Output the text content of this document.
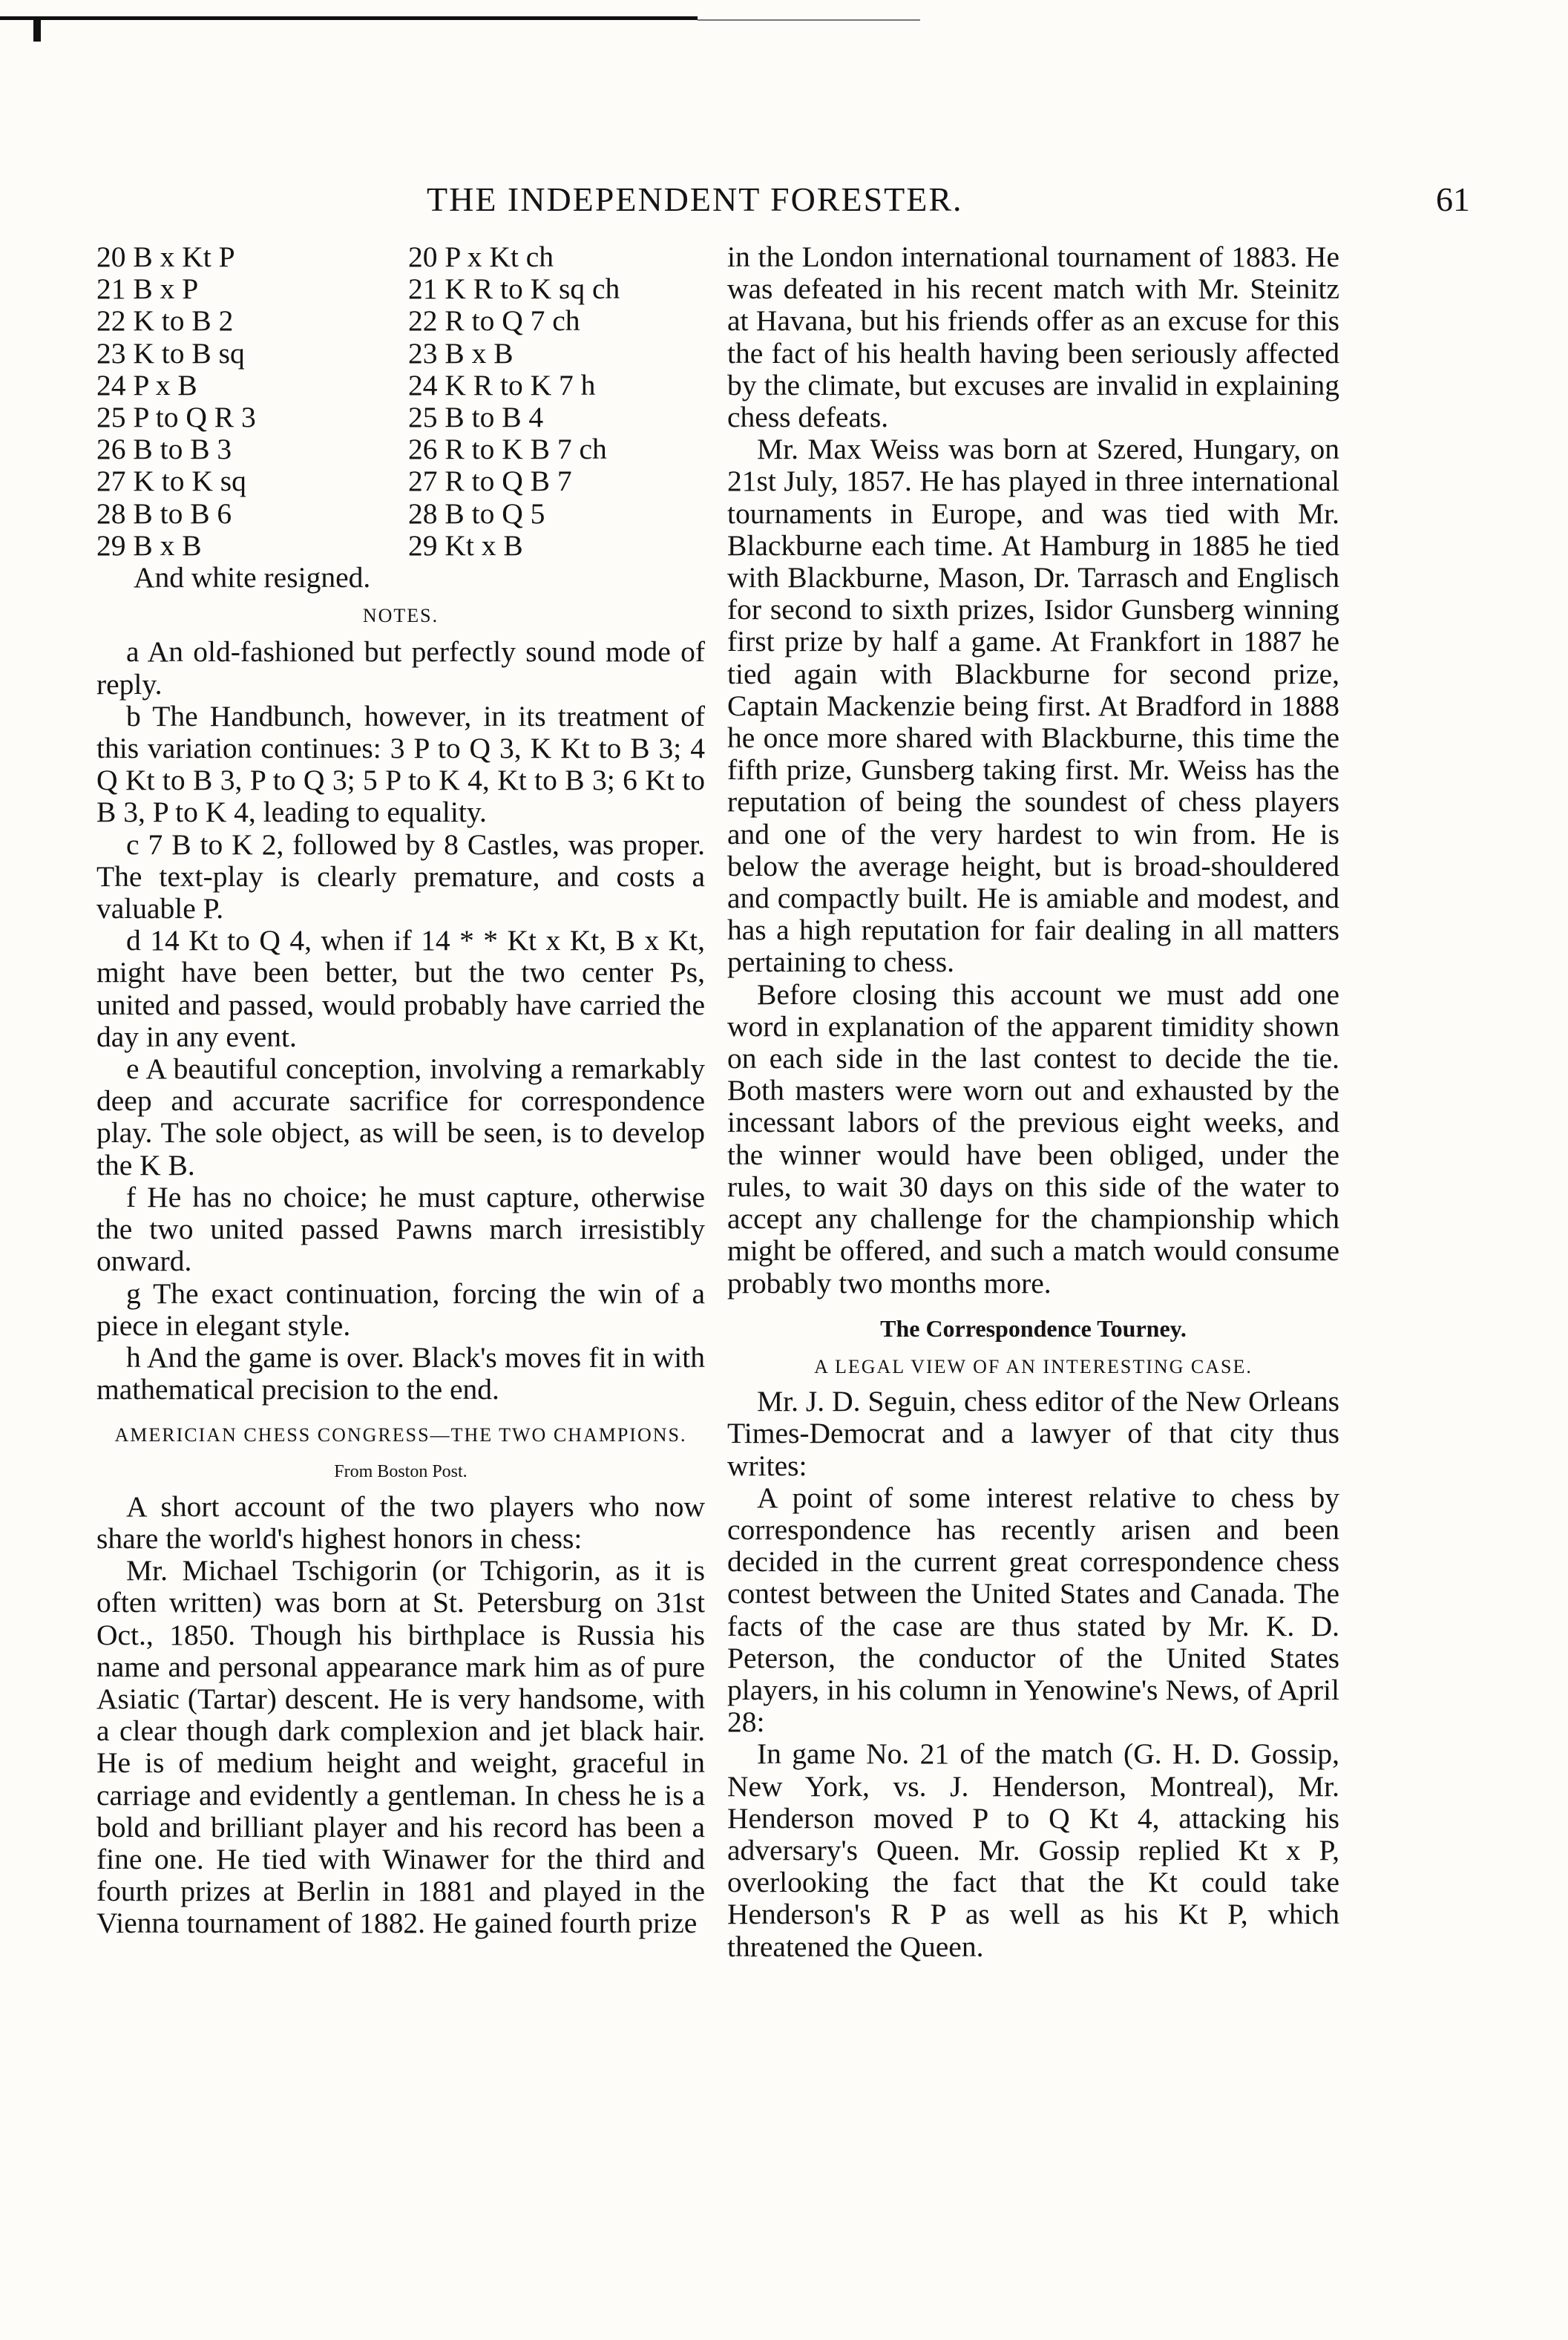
THE INDEPENDENT FORESTER.	61
20 B x Kt P	20 P x Kt ch
21 B x P	21 K R to K sq ch
22 K to B 2	22 R to Q 7 ch
23 K to B sq	23 B x B
24 P x B	24 K R to K 7 h
25 P to Q R 3	25 B to B 4
26 B to B 3	26 R to K B 7 ch
27 K to K sq	27 R to Q B 7
28 B to B 6	28 B to Q 5
29 B x B	29 Kt x B

And white resigned.

NOTES.

a An old-fashioned but perfectly sound mode of reply.

b The Handbunch, however, in its treatment of this variation continues: 3 P to Q 3, K Kt to B 3; 4 Q Kt to B 3, P to Q 3; 5 P to K 4, Kt to B 3; 6 Kt to B 3, P to K 4, leading to equality.

c 7 B to K 2, followed by 8 Castles, was proper. The text-play is clearly premature, and costs a valuable P.

d 14 Kt to Q 4, when if 14 * * Kt x Kt, B x Kt, might have been better, but the two center Ps, united and passed, would probably have carried the day in any event.

e A beautiful conception, involving a remarkably deep and accurate sacrifice for correspondence play. The sole object, as will be seen, is to develop the K B.

f He has no choice; he must capture, otherwise the two united passed Pawns march irresistibly onward.

g The exact continuation, forcing the win of a piece in elegant style.

h And the game is over. Black's moves fit in with mathematical precision to the end.

AMERICIAN CHESS CONGRESS—THE TWO CHAMPIONS.

From Boston Post.

A short account of the two players who now share the world's highest honors in chess:

Mr. Michael Tschigorin (or Tchigorin, as it is often written) was born at St. Petersburg on 31st Oct., 1850. Though his birthplace is Russia his name and personal appearance mark him as of pure Asiatic (Tartar) descent. He is very handsome, with a clear though dark complexion and jet black hair. He is of medium height and weight, graceful in carriage and evidently a gentleman. In chess he is a bold and brilliant player and his record has been a fine one. He tied with Winawer for the third and fourth prizes at Berlin in 1881 and played in the Vienna tournament of 1882. He gained fourth prize

in the London international tournament of 1883. He was defeated in his recent match with Mr. Steinitz at Havana, but his friends offer as an excuse for this the fact of his health having been seriously affected by the climate, but excuses are invalid in explaining chess defeats.

Mr. Max Weiss was born at Szered, Hungary, on 21st July, 1857. He has played in three international tournaments in Europe, and was tied with Mr. Blackburne each time. At Hamburg in 1885 he tied with Blackburne, Mason, Dr. Tarrasch and Englisch for second to sixth prizes, Isidor Gunsberg winning first prize by half a game. At Frankfort in 1887 he tied again with Blackburne for second prize, Captain Mackenzie being first. At Bradford in 1888 he once more shared with Blackburne, this time the fifth prize, Gunsberg taking first. Mr. Weiss has the reputation of being the soundest of chess players and one of the very hardest to win from. He is below the average height, but is broad-shouldered and compactly built. He is amiable and modest, and has a high reputation for fair dealing in all matters pertaining to chess.

Before closing this account we must add one word in explanation of the apparent timidity shown on each side in the last contest to decide the tie. Both masters were worn out and exhausted by the incessant labors of the previous eight weeks, and the winner would have been obliged, under the rules, to wait 30 days on this side of the water to accept any challenge for the championship which might be offered, and such a match would consume probably two months more.

The Correspondence Tourney.

A LEGAL VIEW OF AN INTERESTING CASE.

Mr. J. D. Seguin, chess editor of the New Orleans Times-Democrat and a lawyer of that city thus writes:

A point of some interest relative to chess by correspondence has recently arisen and been decided in the current great correspondence chess contest between the United States and Canada. The facts of the case are thus stated by Mr. K. D. Peterson, the conductor of the United States players, in his column in Yenowine's News, of April 28:

In game No. 21 of the match (G. H. D. Gossip, New York, vs. J. Henderson, Montreal), Mr. Henderson moved P to Q Kt 4, attacking his adversary's Queen. Mr. Gossip replied Kt x P, overlooking the fact that the Kt could take Henderson's R P as well as his Kt P, which threatened the Queen.
